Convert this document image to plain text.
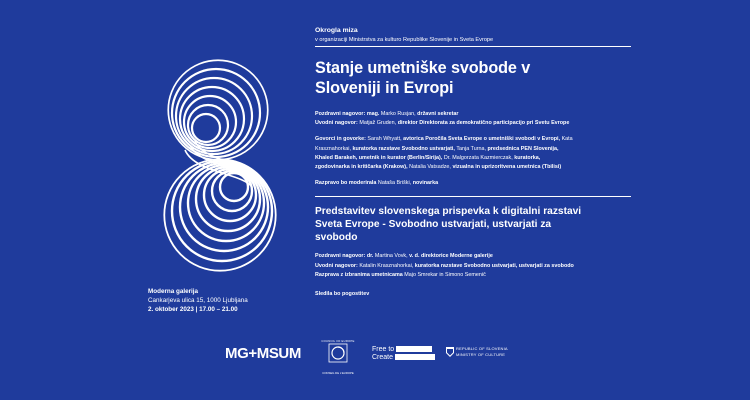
Moderna galerija
Cankarjeva ulica 15, 1000 Ljubljana
2. oktober 2023 | 17.00 – 21.00

Okrogla miza

v organizaciji Ministrstva za kulturo Republike Slovenije in Sveta Evrope

Stanje umetniške svobode v
Sloveniji in Evropi

Pozdravni nagovor: mag. Marko Rusjan, državni sekretar

Uvodni nagovor: Matjaž Gruden, direktor Direktorata za demokratično participacijo pri Svetu Evrope

Govorci in govorke: Sarah Whyatt, avtorica Poročila Sveta Evrope o umetniški svobodi v Evropi, Kata
Krasznahorkai, kuratorka razstave Svobodno ustvarjati, Tanja Turna, predsednica PEN Slovenija,
Khaled Barakeh, umetnik in kurator (Berlin/Sirija), Dr. Malgorzata Kazmierczak, kuratorka,
zgodovinarka in kritičarka (Krakow), Natalia Vatsadze, vizualna in uprizoritvena umetnica (Tbilisi)

Razpravo bo moderirala Nataša Briški, novinarka

Predstavitev slovenskega prispevka k digitalni razstavi
Sveta Evrope - Svobodno ustvarjati, ustvarjati za
svobodo

Pozdravni nagovor: dr. Martina Vovk, v. d. direktorice Moderne galerije

Uvodni nagovor: Katalin Krasznahorkai, kuratorka razstave Svobodno ustvarjati, ustvarjati za svobodo

Razprava z izbranima umetnicama Majo Smrekar in Simono Semenič

Sledila bo pogostitev

MG+MSUM
COUNCIL OF EUROPE
CONSEIL DE L'EUROPE
Free to
Create
REPUBLIC OF SLOVENIA
MINISTRY OF CULTURE
